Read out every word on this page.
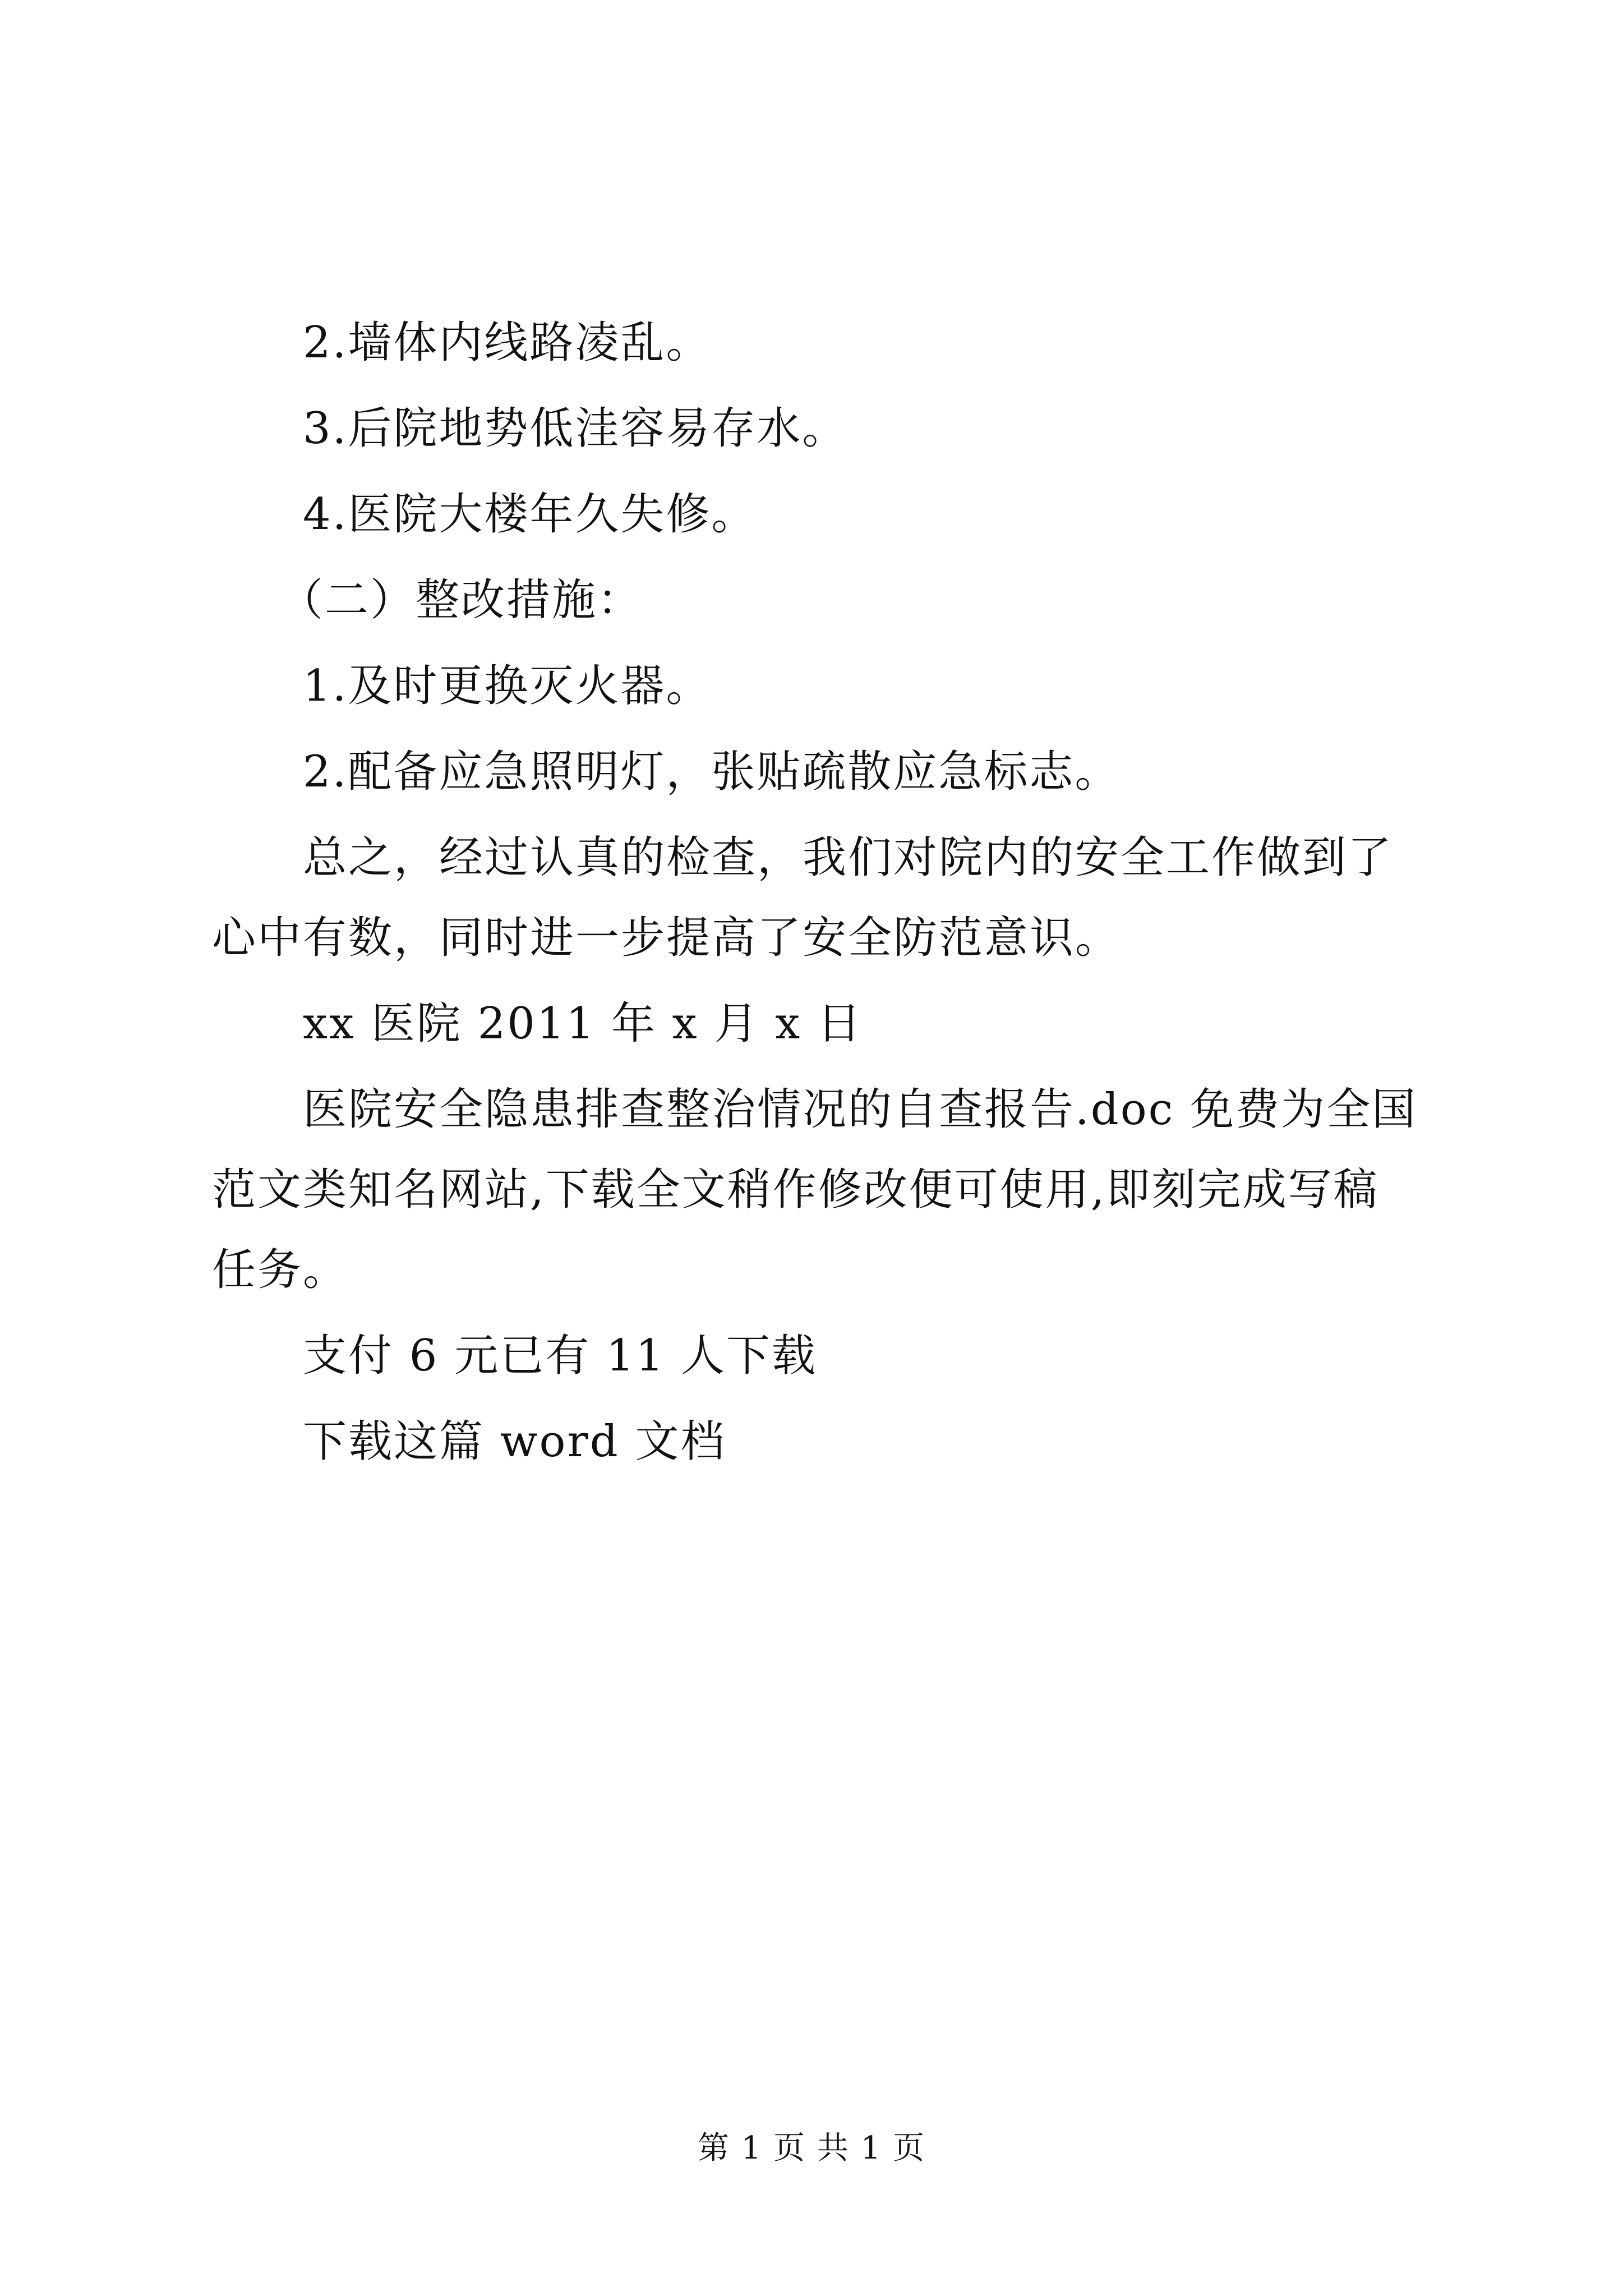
2.墙体内线路凌乱。

3.后院地势低洼容易存水。

4.医院大楼年久失修。

（二）整改措施：

1.及时更换灭火器。

2.配备应急照明灯，张贴疏散应急标志。

总之，经过认真的检查，我们对院内的安全工作做到了心中有数，同时进一步提高了安全防范意识。

xx 医院 2011 年 x 月 x 日

医院安全隐患排查整治情况的自查报告.doc 免费为全国范文类知名网站,下载全文稍作修改便可使用,即刻完成写稿任务。

支付 6 元已有 11 人下载

下载这篇 word 文档

第 1 页 共 1 页
